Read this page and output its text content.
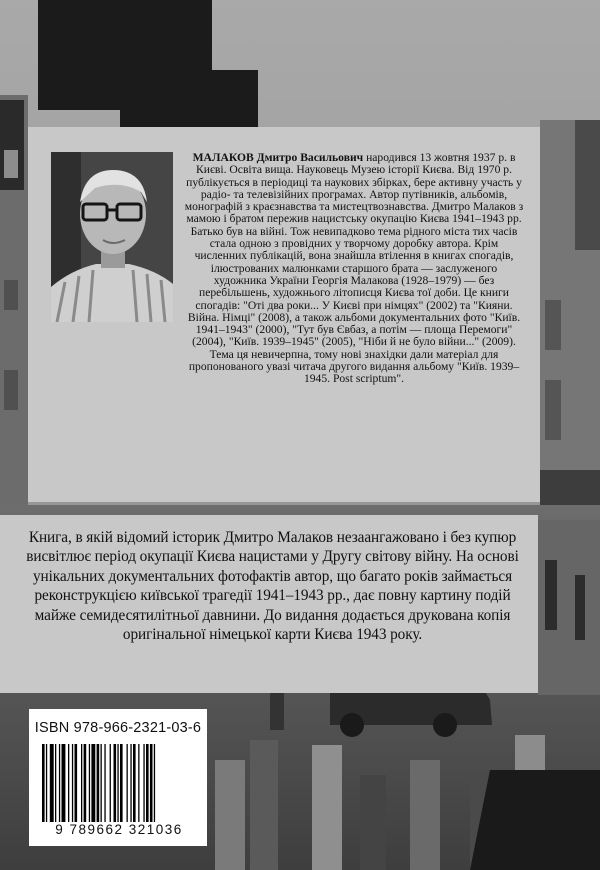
МАЛАКОВ Дмитро Васильович народився 13 жовтня 1937 р. в Києві. Освіта вища. Науковець Музею історії Києва. Від 1970 р. публікується в періодиці та наукових збірках, бере активну участь у радіо- та телевізійних програмах. Автор путівників, альбомів, монографій з краєзнавства та мистецтвознавства. Дмитро Малаков з мамою і братом пережив нацистську окупацію Києва 1941–1943 рр. Батько був на війні. Тож невипадково тема рідного міста тих часів стала одною з провідних у творчому доробку автора. Крім численних публікацій, вона знайшла втілення в книгах спогадів, ілюстрованих малюнками старшого брата — заслуженого художника України Георгія Малакова (1928–1979) — без перебільшень, художнього літописця Києва тої доби. Це книги спогадів: "Оті два роки... У Києві при німцях" (2002) та "Кияни. Війна. Німці" (2008), а також альбоми документальних фото "Київ. 1941–1943" (2000), "Тут був Євбаз, а потім — площа Перемоги" (2004), "Київ. 1939–1945" (2005), "Ніби й не було війни..." (2009). Тема ця невичерпна, тому нові знахідки дали матеріал для пропонованого увазі читача другого видання альбому "Київ. 1939–1945. Post scriptum".

Книга, в якій відомий історик Дмитро Малаков незаангажовано і без купюр висвітлює період окупації Києва нацистами у Другу світову війну. На основі унікальних документальних фотофактів автор, що багато років займається реконструкцією київської трагедії 1941–1943 рр., дає повну картину подій майже семидесятилітньої давнини. До видання додається друкована копія оригінальної німецької карти Києва 1943 року.

ISBN 978-966-2321-03-6
9 789662 321036
